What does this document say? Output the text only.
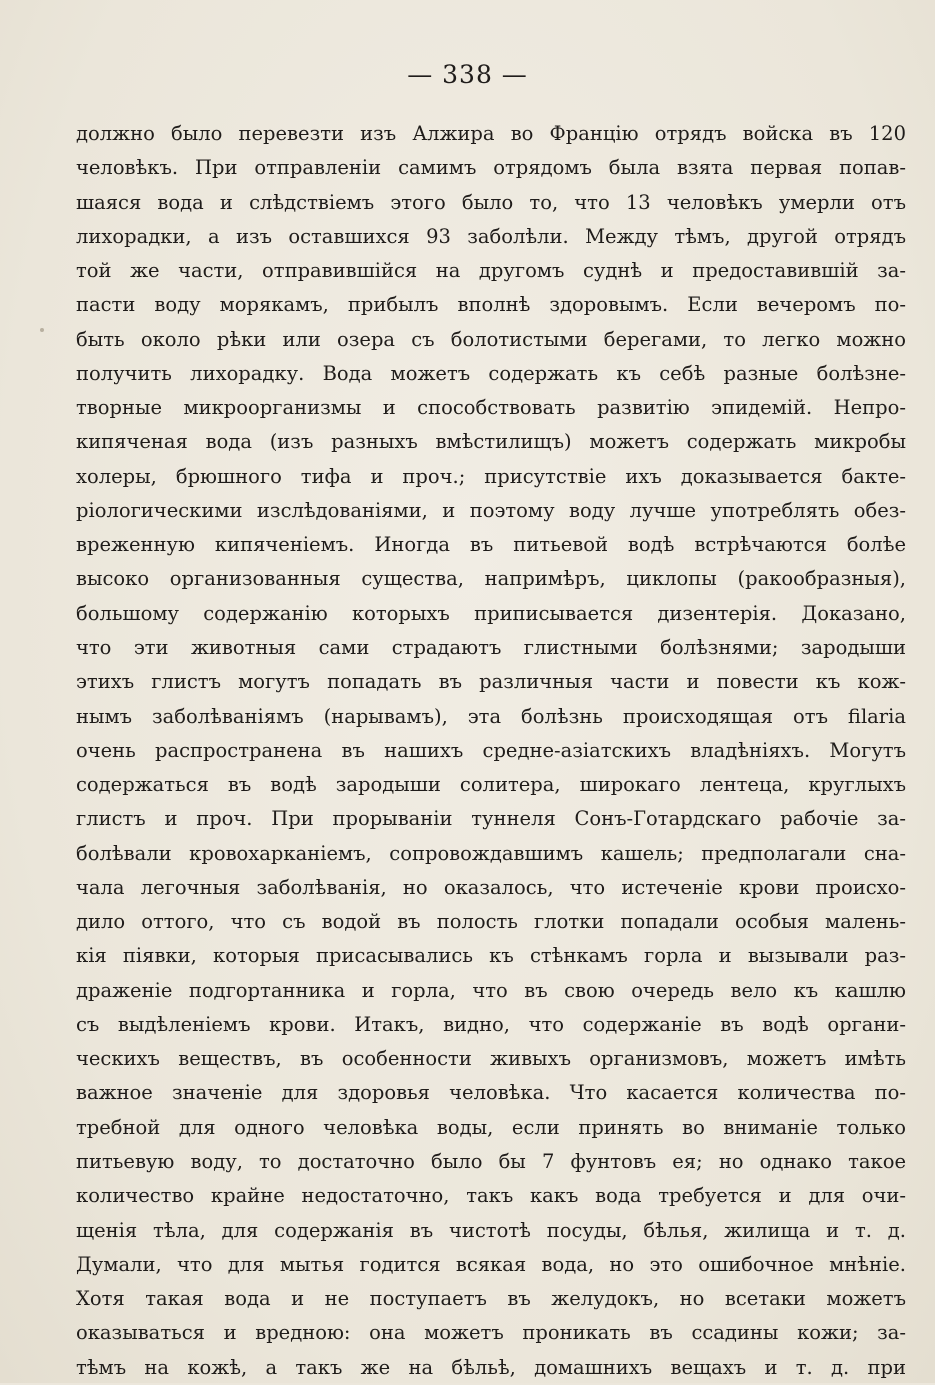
— 338 —
должно было перевезти изъ Алжира во Францію отрядъ войска въ 120
человѣкъ. При отправленіи самимъ отрядомъ была взята первая попав-
шаяся вода и слѣдствіемъ этого было то, что 13 человѣкъ умерли отъ
лихорадки, а изъ оставшихся 93 заболѣли. Между тѣмъ, другой отрядъ
той же части, отправившійся на другомъ суднѣ и предоставившій за-
пасти воду морякамъ, прибылъ вполнѣ здоровымъ. Если вечеромъ по-
быть около рѣки или озера съ болотистыми берегами, то легко можно
получить лихорадку. Вода можетъ содержать къ себѣ разные болѣзне-
творные микроорганизмы и способствовать развитію эпидемій. Непро-
кипяченая вода (изъ разныхъ вмѣстилищъ) можетъ содержать микробы
холеры, брюшного тифа и проч.; присутствіе ихъ доказывается бакте-
ріологическими изслѣдованіями, и поэтому воду лучше употреблять обез-
вреженную кипяченіемъ. Иногда въ питьевой водѣ встрѣчаются болѣе
высоко организованныя существа, напримѣръ, циклопы (ракообразныя),
большому содержанію которыхъ приписывается дизентерія. Доказано,
что эти животныя сами страдаютъ глистными болѣзнями; зародыши
этихъ глистъ могутъ попадать въ различныя части и повести къ кож-
нымъ заболѣваніямъ (нарывамъ), эта болѣзнь происходящая отъ filaria
очень распространена въ нашихъ средне-азіатскихъ владѣніяхъ. Могутъ
содержаться въ водѣ зародыши солитера, широкаго лентеца, круглыхъ
глистъ и проч. При прорываніи туннеля Сонъ-Готардскаго рабочіе за-
болѣвали кровохарканіемъ, сопровождавшимъ кашель; предполагали сна-
чала легочныя заболѣванія, но оказалось, что истеченіе крови происхо-
дило оттого, что съ водой въ полость глотки попадали особыя малень-
кія піявки, которыя присасывались къ стѣнкамъ горла и вызывали раз-
драженіе подгортанника и горла, что въ свою очередь вело къ кашлю
съ выдѣленіемъ крови. Итакъ, видно, что содержаніе въ водѣ органи-
ческихъ веществъ, въ особенности живыхъ организмовъ, можетъ имѣть
важное значеніе для здоровья человѣка. Что касается количества по-
требной для одного человѣка воды, если принять во вниманіе только
питьевую воду, то достаточно было бы 7 фунтовъ ея; но однако такое
количество крайне недостаточно, такъ какъ вода требуется и для очи-
щенія тѣла, для содержанія въ чистотѣ посуды, бѣлья, жилища и т. д.
Думали, что для мытья годится всякая вода, но это ошибочное мнѣніе.
Хотя такая вода и не поступаетъ въ желудокъ, но всетаки можетъ
оказываться и вредною: она можетъ проникать въ ссадины кожи; за-
тѣмъ на кожѣ, а такъ же на бѣльѣ, домашнихъ вещахъ и т. д. при
